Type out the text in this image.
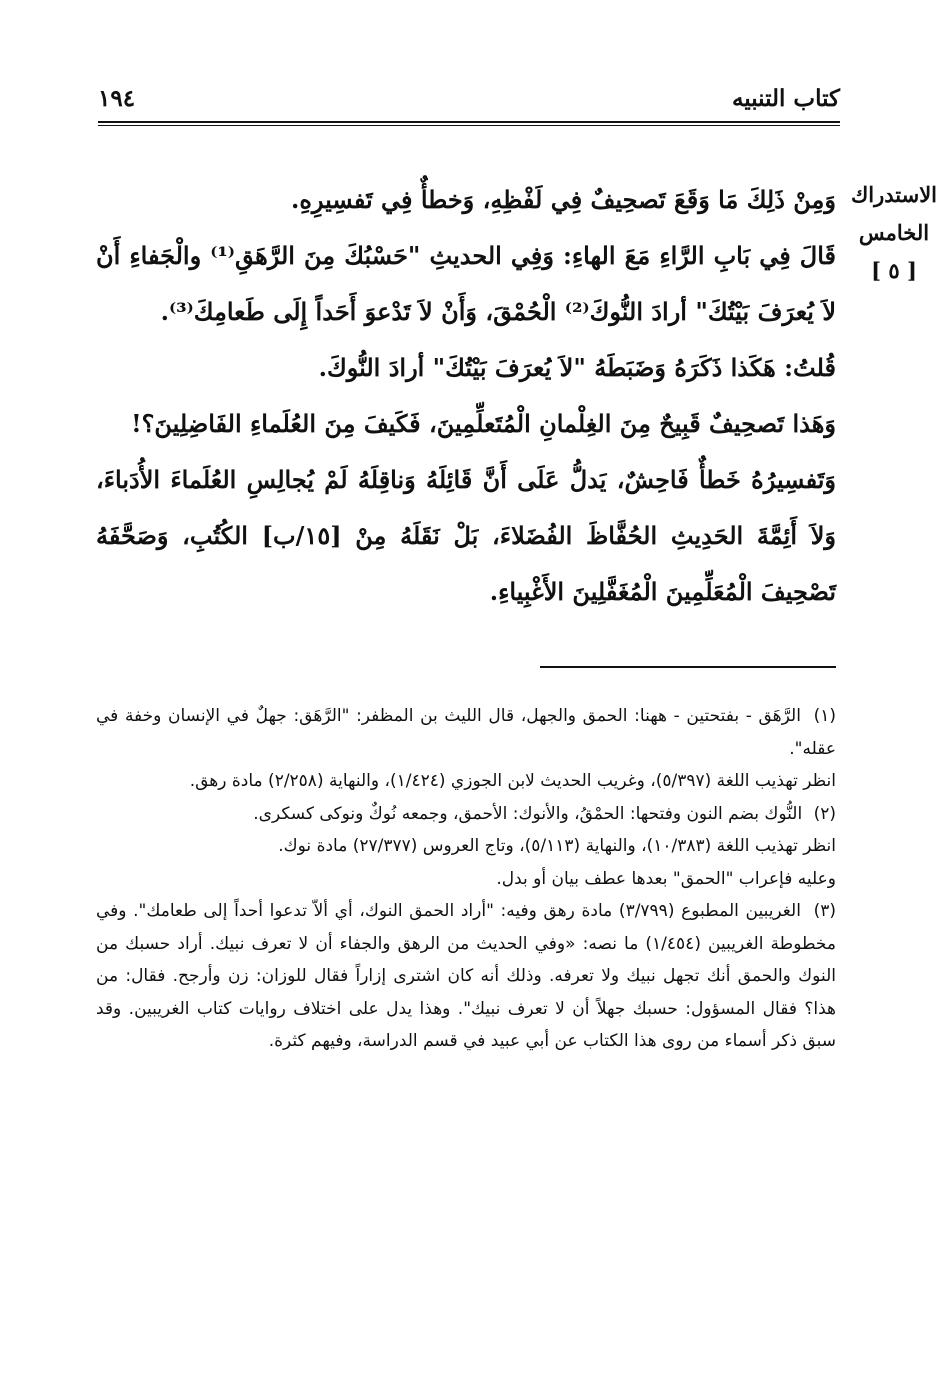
كتاب التنبيه
١٩٤
الاستدراك
الخامس
[ ٥ ]

وَمِنْ ذَلِكَ مَا وَقَعَ تَصحِيفٌ فِي لَفْظِهِ، وَخطأٌ فِي تَفسِيرِهِ.

قَالَ فِي بَابِ الرَّاءِ مَعَ الهاءِ: وَفِي الحديثِ "حَسْبُكَ مِنَ الرَّهَقِ⁽¹⁾ والْجَفاءِ أَنْ لاَ يُعرَفَ بَيْتُكَ" أرادَ النُّوكَ⁽²⁾ الْحُمْقَ، وَأَنْ لاَ تَدْعوَ أَحَداً إِلَى طَعامِكَ⁽³⁾.

قُلتُ: هَكَذا ذَكَرَهُ وَضَبَطَهُ "لاَ يُعرَفَ بَيْتُكَ" أرادَ النُّوكَ.

وَهَذا تَصحِيفٌ قَبِيحٌ مِنَ الغِلْمانِ الْمُتَعلِّمِينَ، فَكَيفَ مِنَ العُلَماءِ الفَاضِلِينَ؟!

وَتَفسِيرُهُ خَطأٌ فَاحِشٌ، يَدلُّ عَلَى أَنَّ قَائِلَهُ وَناقِلَهُ لَمْ يُجالِسِ العُلَماءَ الأُدَباءَ، وَلاَ أَئِمَّةَ الحَدِيثِ الحُفَّاظَ الفُضَلاءَ، بَلْ نَقَلَهُ مِنْ [١٥/ب] الكُتُبِ، وَصَحَّفَهُ تَصْحِيفَ الْمُعَلِّمِينَ الْمُغَفَّلِينَ الأَغْبِياءِ.

(١) الرَّهَق - بفتحتين - ههنا: الحمق والجهل، قال الليث بن المظفر: "الرَّهَق: جهلٌ في الإنسان وخفة في عقله".

انظر تهذيب اللغة (٥/٣٩٧)، وغريب الحديث لابن الجوزي (١/٤٢٤)، والنهاية (٢/٢٥٨) مادة رهق.

(٢) النُّوك بضم النون وفتحها: الحمْقُ، والأنوك: الأحمق، وجمعه نُوكٌ ونوكى كسكرى.

انظر تهذيب اللغة (١٠/٣٨٣)، والنهاية (٥/١١٣)، وتاج العروس (٢٧/٣٧٧) مادة نوك.

وعليه فإعراب "الحمق" بعدها عطف بيان أو بدل.

(٣) الغريبين المطبوع (٣/٧٩٩) مادة رهق وفيه: "أراد الحمق النوك، أي ألاّ تدعوا أحداً إلى طعامك". وفي مخطوطة الغريبين (١/٤٥٤) ما نصه: «وفي الحديث من الرهق والجفاء أن لا تعرف نبيك. أراد حسبك من النوك والحمق أنك تجهل نبيك ولا تعرفه. وذلك أنه كان اشترى إزاراً فقال للوزان: زن وأرجح. فقال: من هذا؟ فقال المسؤول: حسبك جهلاً أن لا تعرف نبيك". وهذا يدل على اختلاف روايات كتاب الغريبين. وقد سبق ذكر أسماء من روى هذا الكتاب عن أبي عبيد في قسم الدراسة، وفيهم كثرة.
